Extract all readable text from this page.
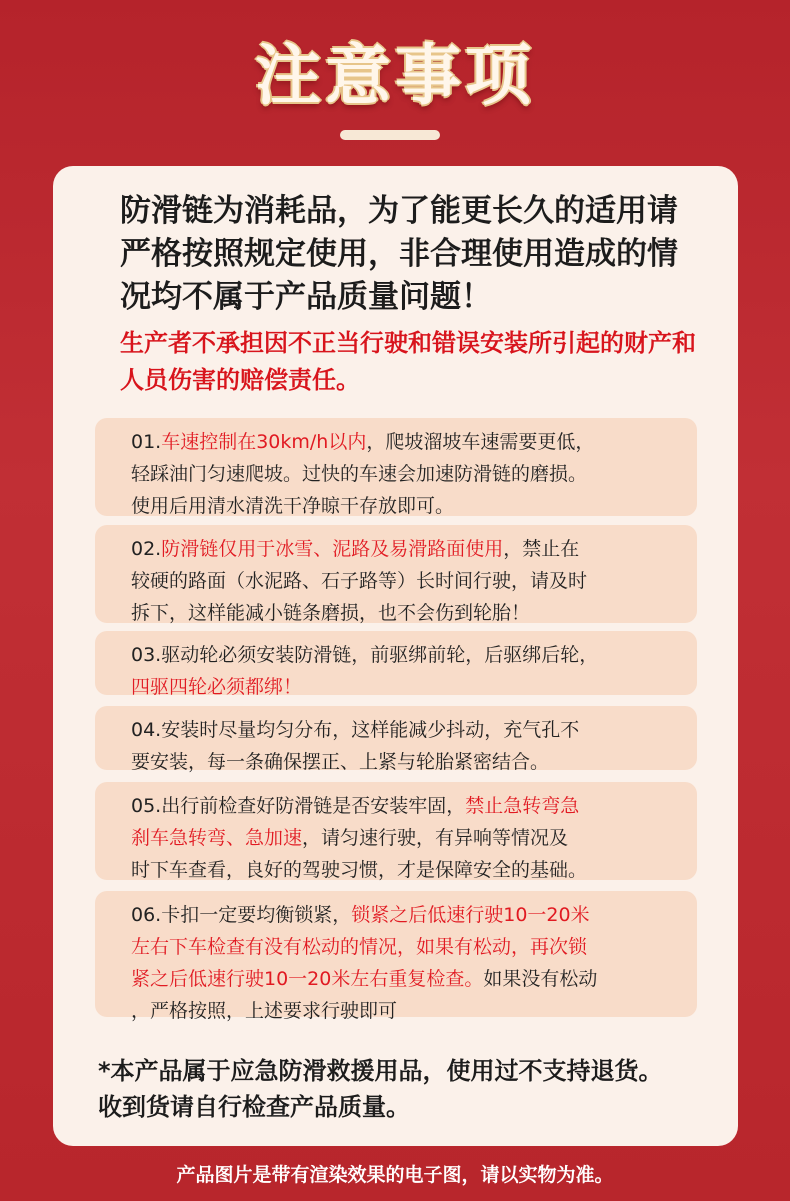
注意事项

防滑链为消耗品，为了能更长久的适用请严格按照规定使用，非合理使用造成的情况均不属于产品质量问题！

生产者不承担因不正当行驶和错误安装所引起的财产和人员伤害的赔偿责任。

01.车速控制在30km/h以内，爬坡溜坡车速需要更低，
轻踩油门匀速爬坡。过快的车速会加速防滑链的磨损。
使用后用清水清洗干净晾干存放即可。
02.防滑链仅用于冰雪、泥路及易滑路面使用，禁止在
较硬的路面（水泥路、石子路等）长时间行驶，请及时
拆下，这样能减小链条磨损，也不会伤到轮胎！
03.驱动轮必须安装防滑链，前驱绑前轮，后驱绑后轮，
四驱四轮必须都绑！
04.安装时尽量均匀分布，这样能减少抖动，充气孔不
要安装，每一条确保摆正、上紧与轮胎紧密结合。
05.出行前检查好防滑链是否安装牢固，禁止急转弯急
刹车急转弯、急加速，请匀速行驶，有异响等情况及
时下车查看，良好的驾驶习惯，才是保障安全的基础。
06.卡扣一定要均衡锁紧，锁紧之后低速行驶10一20米
左右下车检查有没有松动的情况，如果有松动，再次锁
紧之后低速行驶10一20米左右重复检查。如果没有松动
，严格按照，上述要求行驶即可

*本产品属于应急防滑救援用品，使用过不支持退货。
收到货请自行检查产品质量。

产品图片是带有渲染效果的电子图，请以实物为准。
